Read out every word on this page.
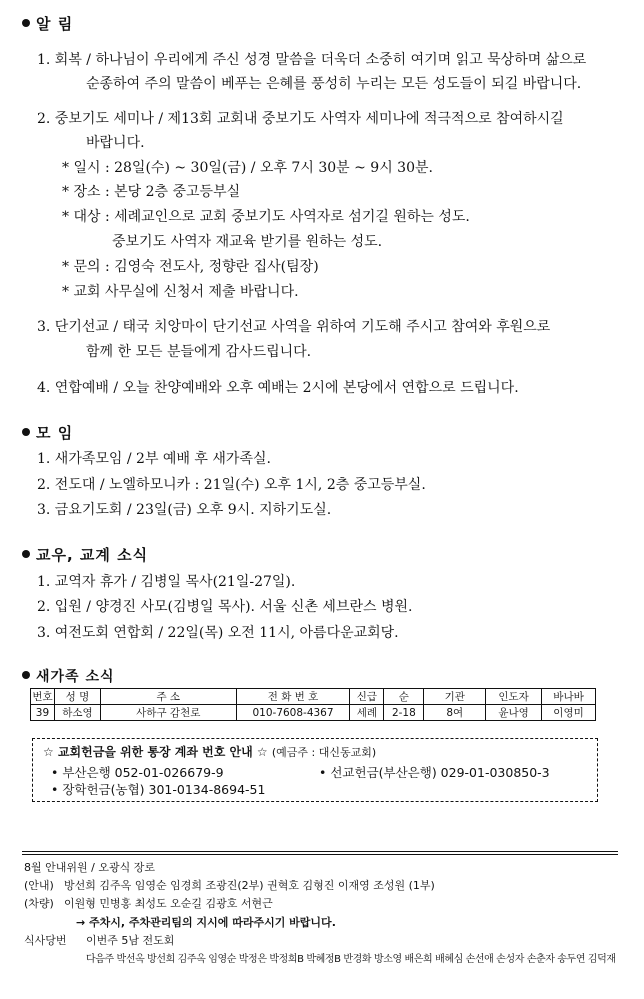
알 림
1. 회복 / 하나님이 우리에게 주신 성경 말씀을 더욱더 소중히 여기며 읽고 묵상하며 삶으로
순종하여 주의 말씀이 베푸는 은혜를 풍성히 누리는 모든 성도들이 되길 바랍니다.
2. 중보기도 세미나 / 제13회 교회내 중보기도 사역자 세미나에 적극적으로 참여하시길
바랍니다.
* 일시 : 28일(수) ~ 30일(금) / 오후 7시 30분 ~ 9시 30분.
* 장소 : 본당 2층 중고등부실
* 대상 : 세례교인으로 교회 중보기도 사역자로 섬기길 원하는 성도.
중보기도 사역자 재교육 받기를 원하는 성도.
* 문의 : 김영숙 전도사, 정향란 집사(팀장)
* 교회 사무실에 신청서 제출 바랍니다.
3. 단기선교 / 태국 치앙마이 단기선교 사역을 위하여 기도해 주시고 참여와 후원으로
함께 한 모든 분들에게 감사드립니다.
4. 연합예배 / 오늘 찬양예배와 오후 예배는 2시에 본당에서 연합으로 드립니다.
모 임
1. 새가족모임 / 2부 예배 후 새가족실.
2. 전도대 / 노엘하모니카 : 21일(수) 오후 1시, 2층 중고등부실.
3. 금요기도회 / 23일(금) 오후 9시. 지하기도실.
교우, 교계 소식
1. 교역자 휴가 / 김병일 목사(21일-27일).
2. 입원 / 양경진 사모(김병일 목사). 서울 신촌 세브란스 병원.
3. 여전도회 연합회 / 22일(목) 오전 11시, 아름다운교회당.
새가족 소식
번호	성 명	주 소	전 화 번 호	신급	순	기관	인도자	바나바
39	하소영	사하구 감천로	010-7608-4367	세례	2-18	8여	윤나영	이영미
☆ 교회헌금을 위한 통장 계좌 번호 안내 ☆ (예금주 : 대신동교회)
• 부산은행 052-01-026679-9	• 선교헌금(부산은행) 029-01-030850-3
• 장학헌금(농협) 301-0134-8694-51
8월 안내위원 / 오광식 장로
(안내) 방선희 김주옥 임영순 임경희 조광진(2부) 권혁호 김형진 이재영 조성원 (1부)
(차량) 이원형 민병홍 최성도 오순길 김광호 서현근
→ 주차시, 주차관리팀의 지시에 따라주시기 바랍니다.
식사당번 이번주 5남 전도회
다음주 박선옥 방선희 김주옥 임영순 박정은 박정희B 박혜정B 반경화 방소영 배은희 배혜심 손선애 손성자 손춘자 송두연 김덕재
